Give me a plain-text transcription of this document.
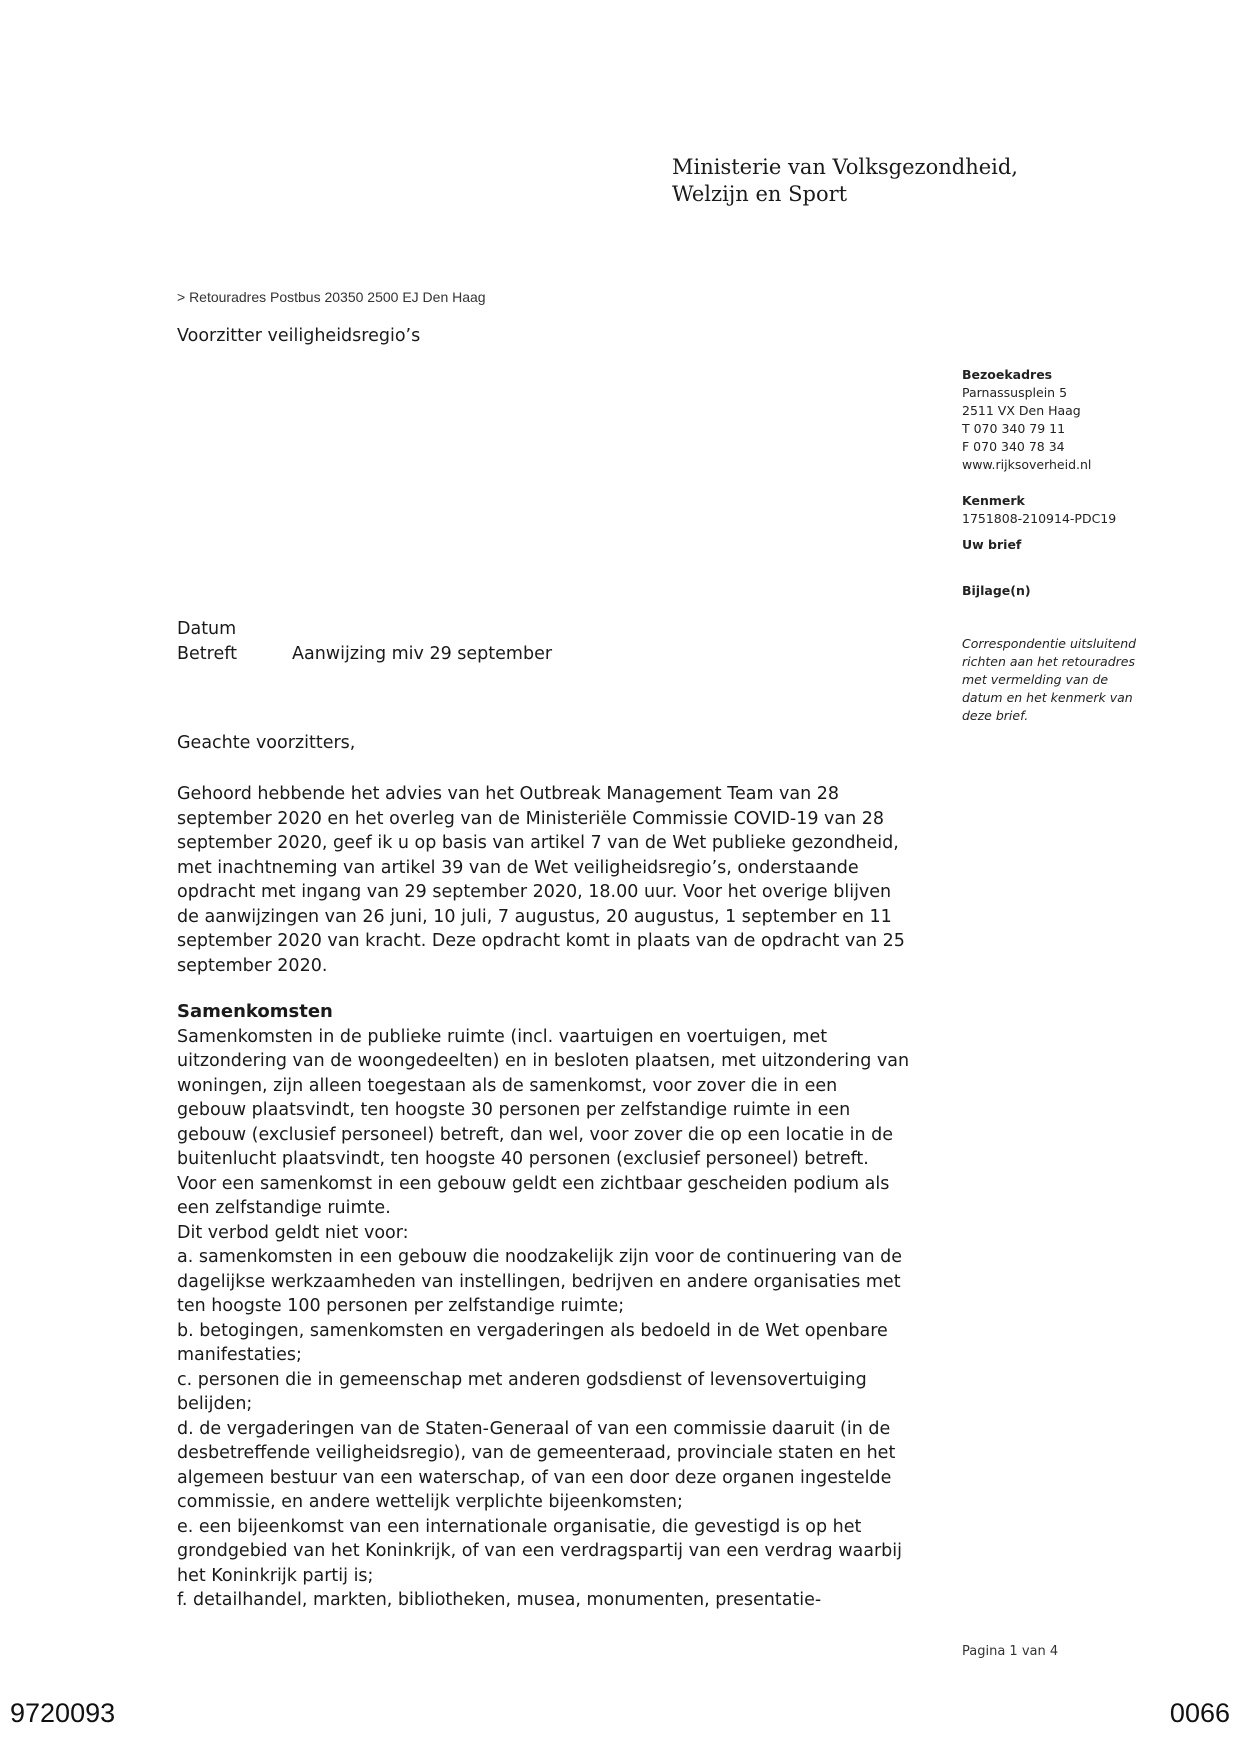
Ministerie van Volksgezondheid,
Welzijn en Sport
> Retouradres Postbus 20350 2500 EJ Den Haag
Voorzitter veiligheidsregio’s
Bezoekadres
Parnassusplein 5
2511 VX Den Haag
T 070 340 79 11
F 070 340 78 34
www.rijksoverheid.nl
Kenmerk
1751808-210914-PDC19
Uw brief
Bijlage(n)
Correspondentie uitsluitend
richten aan het retouradres
met vermelding van de
datum en het kenmerk van
deze brief.
Datum
Betreft	Aanwijzing miv 29 september
Geachte voorzitters,
Gehoord hebbende het advies van het Outbreak Management Team van 28
september 2020 en het overleg van de Ministeriële Commissie COVID-19 van 28
september 2020, geef ik u op basis van artikel 7 van de Wet publieke gezondheid,
met inachtneming van artikel 39 van de Wet veiligheidsregio’s, onderstaande
opdracht met ingang van 29 september 2020, 18.00 uur. Voor het overige blijven
de aanwijzingen van 26 juni, 10 juli, 7 augustus, 20 augustus, 1 september en 11
september 2020 van kracht. Deze opdracht komt in plaats van de opdracht van 25
september 2020.
Samenkomsten
Samenkomsten in de publieke ruimte (incl. vaartuigen en voertuigen, met
uitzondering van de woongedeelten) en in besloten plaatsen, met uitzondering van
woningen, zijn alleen toegestaan als de samenkomst, voor zover die in een
gebouw plaatsvindt, ten hoogste 30 personen per zelfstandige ruimte in een
gebouw (exclusief personeel) betreft, dan wel, voor zover die op een locatie in de
buitenlucht plaatsvindt, ten hoogste 40 personen (exclusief personeel) betreft.
Voor een samenkomst in een gebouw geldt een zichtbaar gescheiden podium als
een zelfstandige ruimte.
Dit verbod geldt niet voor:
a. samenkomsten in een gebouw die noodzakelijk zijn voor de continuering van de
dagelijkse werkzaamheden van instellingen, bedrijven en andere organisaties met
ten hoogste 100 personen per zelfstandige ruimte;
b. betogingen, samenkomsten en vergaderingen als bedoeld in de Wet openbare
manifestaties;
c. personen die in gemeenschap met anderen godsdienst of levensovertuiging
belijden;
d. de vergaderingen van de Staten-Generaal of van een commissie daaruit (in de
desbetreffende veiligheidsregio), van de gemeenteraad, provinciale staten en het
algemeen bestuur van een waterschap, of van een door deze organen ingestelde
commissie, en andere wettelijk verplichte bijeenkomsten;
e. een bijeenkomst van een internationale organisatie, die gevestigd is op het
grondgebied van het Koninkrijk, of van een verdragspartij van een verdrag waarbij
het Koninkrijk partij is;
f. detailhandel, markten, bibliotheken, musea, monumenten, presentatie-
Pagina 1 van 4
9720093	0066
